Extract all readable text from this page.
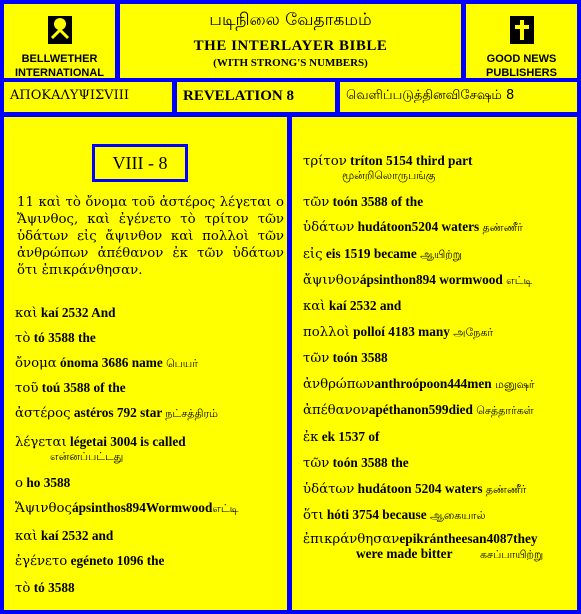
BELLWETHER
INTERNATIONAL
படிநிலை வேதாகமம்
THE INTERLAYER BIBLE
(WITH STRONG'S NUMBERS)	GOOD NEWS
PUBLISHERS
ΑΠΟΚΑΛΥΨΙΣVIII	REVELATION 8	வெளிப்படுத்தினவிசேஷம் 8
VIII - 8
11 καὶ τὸ ὄνομα τοῦ ἀστέρος λέγεται ο Ἄψινθος, καὶ ἐγένετο τὸ τρίτον τῶν ὑδάτων εἰς ἄψινθον καὶ πολλοὶ τῶν ἀνθρώπων ἀπέθανον ἐκ τῶν ὑδάτων ὅτι ἐπικράνθησαν.
καὶ kaí 2532 And
τὸ tó 3588 the
ὄνομα ónoma 3686 name பெயர்
τοῦ toú 3588 of the
ἀστέρος astéros 792 star நட்சத்திரம்
λέγεται légetai 3004 is called
என்னப்பட்டது
ο ho 3588
Ἄψινθοςápsinthos894Wormwoodஎட்டி
καὶ kaí 2532 and
ἐγένετο egéneto 1096 the
τὸ tó 3588
τρίτον tríton 5154 third part
மூன்றிலொருபங்கு
τῶν toón 3588 of the
ὑδάτων hudátoon5204 waters தண்ணீர்
εἰς eis 1519 became ஆயிற்று
ἄψινθονápsinthon894 wormwood எட்டி
καὶ kaí 2532 and
πολλοὶ polloí 4183 many அநேகர்
τῶν toón 3588
ἀνθρώπωνanthroópoon444men மனுஷர்
ἀπέθανονapéthanon599died செத்தார்கள்
ἐκ ek 1537 of
τῶν toón 3588 the
ὑδάτων hudátoon 5204 waters தண்ணீர்
ὅτι hóti 3754 because ஆகையால்
ἐπικράνθησανepikrántheesan4087they
were made bitter	கசப்பாயிற்று
